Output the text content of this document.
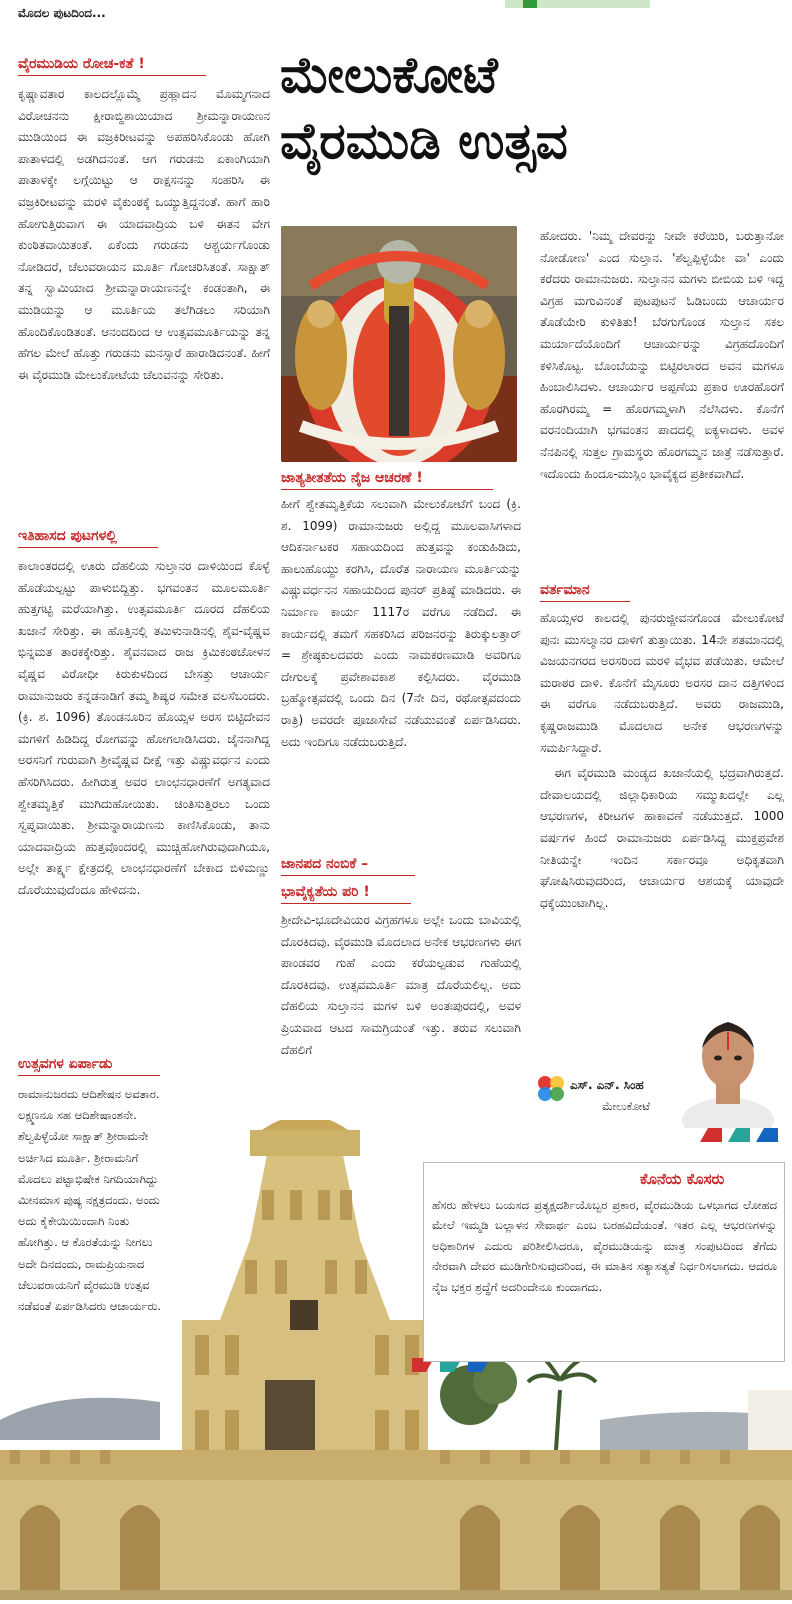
ಮೊದಲ ಪುಟದಿಂದ...
ಮೇಲುಕೋಟೆ
ವೈರಮುಡಿ ಉತ್ಸವ
ವೈರಮುಡಿಯ ರೋಚ-ಕತೆ !
ಕೃಷ್ಣಾವತಾರ ಕಾಲದಲ್ಲೊಮ್ಮೆ ಪ್ರಹ್ಲಾದನ ಮೊಮ್ಮಗನಾದ ವಿರೋಚನನು ಕ್ಷೀರಾಬ್ಧಿಶಾಯಿಯಾದ ಶ್ರೀಮನ್ನಾರಾಯಣನ ಮುಡಿಯಿಂದ ಈ ವಜ್ರಕಿರೀಟವನ್ನು ಅಪಹರಿಸಿಕೊಂಡು ಹೋಗಿ ಪಾತಾಳದಲ್ಲಿ ಅಡಗಿದನಂತೆ. ಆಗ ಗರುಡನು ಏಕಾಂಗಿಯಾಗಿ ಪಾತಾಳಕ್ಕೇ ಲಗ್ಗೆಯಿಟ್ಟು ಆ ರಾಕ್ಷಸನನ್ನು ಸಂಹರಿಸಿ ಈ ವಜ್ರಕಿರೀಟವನ್ನು ಮರಳಿ ವೈಕುಂಠಕ್ಕೆ ಒಯ್ಯುತ್ತಿದ್ದನಂತೆ. ಹಾಗೆ ಹಾರಿ ಹೋಗುತ್ತಿರುವಾಗ ಈ ಯಾದವಾದ್ರಿಯ ಬಳಿ ಈತನ ವೇಗ ಕುಂಠಿತವಾಯಿತಂತೆ. ಏಕೆಂದು ಗರುಡನು ಆಶ್ಚರ್ಯಗೊಂಡು ನೋಡಿದರೆ, ಚೆಲುವರಾಯನ ಮೂರ್ತಿ ಗೋಚರಿಸಿತಂತೆ. ಸಾಕ್ಷಾತ್ ತನ್ನ ಸ್ವಾಮಿಯಾದ ಶ್ರೀಮನ್ನಾರಾಯಣನನ್ನೇ ಕಂಡಂತಾಗಿ, ಈ ಮುಡಿಯನ್ನು ಆ ಮೂರ್ತಿಯ ತಲೆಗಿಡಲು ಸರಿಯಾಗಿ ಹೊಂದಿಕೊಂಡಿತಂತೆ. ಆನಂದದಿಂದ ಆ ಉತ್ಸವಮೂರ್ತಿಯನ್ನು ತನ್ನ ಹೆಗಲ ಮೇಲೆ ಹೊತ್ತು ಗರುಡನು ಮನಸ್ಸಾರೆ ಹಾರಾಡಿದನಂತೆ. ಹೀಗೆ ಈ ವೈರಮುಡಿ ಮೇಲುಕೋಟೆಯ ಚೆಲುವನನ್ನು ಸೇರಿತು.
ಇತಿಹಾಸದ ಪುಟಗಳಲ್ಲಿ
ಕಾಲಾಂತರದಲ್ಲಿ ಊರು ದೆಹಲಿಯ ಸುಲ್ತಾನರ ದಾಳಿಯಿಂದ ಕೊಳ್ಳೆ ಹೊಡೆಯಲ್ಪಟ್ಟು ಪಾಳುಬಿದ್ದಿತ್ತು. ಭಗವಂತನ ಮೂಲಮೂರ್ತಿ ಹುತ್ತಗಟ್ಟಿ ಮರೆಯಾಗಿತ್ತು. ಉತ್ಸವಮೂರ್ತಿ ದೂರದ ದೆಹಲಿಯ ಖಜಾನೆ ಸೇರಿತ್ತು. ಈ ಹೊತ್ತಿನಲ್ಲಿ ತಮಿಳುನಾಡಿನಲ್ಲಿ ಶೈವ-ವೈಷ್ಣವ ಭಿನ್ನಮತ ತಾರಕಕ್ಕೇರಿತ್ತು. ಶೈವನವಾದ ರಾಜ ಕ್ರಿಮಿಕಂಠಚೋಳನ ವೈಷ್ಣವ ವಿರೋಧೀ ಕಿರುಕುಳದಿಂದ ಬೇಸತ್ತು ಆಚಾರ್ಯ ರಾಮಾನುಜರು ಕನ್ನಡನಾಡಿಗೆ ತಮ್ಮ ಶಿಷ್ಯರ ಸಮೇತ ವಲಸೆಬಂದರು. (ಕ್ರಿ. ಶ. 1096) ತೊಂಡನೂರಿನ ಹೊಯ್ಸಳ ಅರಸ ಬಿಟ್ಟಿದೇವನ ಮಗಳಿಗೆ ಹಿಡಿದಿದ್ದ ರೋಗವನ್ನು ಹೋಗಲಾಡಿಸಿದರು. ಜೈನನಾಗಿದ್ದ ಅರಸನಿಗೆ ಗುರುವಾಗಿ ಶ್ರೀವೈಷ್ಣವ ದೀಕ್ಷೆ ಇತ್ತು ವಿಷ್ಣುವರ್ಧನ ಎಂದು ಹೆಸರಿಗಿಸಿದರು. ಹೀಗಿರುತ್ತ ಅವರ ಲಾಂಛನಧಾರಣೆಗೆ ಅಗತ್ಯವಾದ ಶ್ವೇತಮೃತ್ತಿಕೆ ಮುಗಿದುಹೋಯಿತು. ಚಿಂತಿಸುತ್ತಿರಲು ಒಂದು ಸ್ವಪ್ನವಾಯಿತು. ಶ್ರೀಮನ್ನಾರಾಯಣನು ಕಾಣಿಸಿಕೊಂಡು, ತಾನು ಯಾದವಾದ್ರಿಯ ಹುತ್ತವೊಂದರಲ್ಲಿ ಮುಚ್ಚಿಹೋಗಿರುವುದಾಗಿಯೂ, ಅಲ್ಲೇ ತಾರ್ಕ್ಷ್ಯ ಕ್ಷೇತ್ರದಲ್ಲಿ ಲಾಂಛನಧಾರಣೆಗೆ ಬೇಕಾದ ಬಿಳಿಮಣ್ಣು ದೊರೆಯುವುದೆಂದೂ ಹೇಳಿದನು.
ಉತ್ಸವಗಳ ಏರ್ಪಾಡು
ರಾಮಾನುಜರದು ಆದಿಶೇಷನ ಅವತಾರ. ಲಕ್ಷ್ಮಣನೂ ಸಹ ಆದಿಶೇಷಾಂಶನೇ. ಶೆಲ್ವಪಿಳ್ಳೆಯೋ ಸಾಕ್ಷಾತ್ ಶ್ರೀರಾಮನೇ ಅರ್ಚಿಸಿದ ಮೂರ್ತಿ. ಶ್ರೀರಾಮನಿಗೆ ಮೊದಲು ಪಟ್ಟಾಭಿಷೇಕ ನಿಗದಿಯಾಗಿದ್ದು ಮೀನಮಾಸ ಪುಷ್ಯ ನಕ್ಷತ್ರದಂದು. ಅಂದು ಅದು ಕೈಕೇಯಿಯಿಂದಾಗಿ ನಿಂತು ಹೋಗಿತ್ತು. ಆ ಕೊರತೆಯನ್ನು ನೀಗಲು ಅದೇ ದಿನದಂದು, ರಾಮಪ್ರಿಯನಾದ ಚೆಲುವರಾಯನಿಗೆ ವೈರಮುಡಿ ಉತ್ಸವ ನಡೆವಂತೆ ಏರ್ಪಡಿಸಿದರು ಆಚಾರ್ಯರು.
ಜಾತ್ಯತೀತತೆಯ ನೈಜ ಆಚರಣೆ !
ಹೀಗೆ ಶ್ವೇತಮೃತ್ತಿಕೆಯ ಸಲುವಾಗಿ ಮೇಲುಕೋಟೆಗೆ ಬಂದ (ಕ್ರಿ. ಶ. 1099) ರಾಮಾನುಜರು ಅಲ್ಲಿದ್ದ ಮೂಲವಾಸಿಗಳಾದ ಆದಿಕರ್ನಾಟಕರ ಸಹಾಯದಿಂದ ಹುತ್ತವನ್ನು ಕಂಡುಹಿಡಿದು, ಹಾಲುಹೊಯ್ದು ಕರಗಿಸಿ, ದೊರೆತ ನಾರಾಯಣ ಮೂರ್ತಿಯನ್ನು ವಿಷ್ಣುವರ್ಧನನ ಸಹಾಯದಿಂದ ಪುನರ್ ಪ್ರತಿಷ್ಠೆ ಮಾಡಿದರು. ಈ ನಿರ್ಮಾಣ ಕಾರ್ಯ 1117ರ ವರೆಗೂ ನಡೆದಿದೆ. ಈ ಕಾರ್ಯದಲ್ಲಿ ತಮಗೆ ಸಹಕರಿಸಿದ ಪರಿಜನರನ್ನು ತಿರುಕ್ಕುಲತ್ತಾರ್ = ಶ್ರೇಷ್ಠಕುಲದವರು ಎಂದು ನಾಮಕರಣಮಾಡಿ ಅವರಿಗೂ ದೇಗುಲಕ್ಕೆ ಪ್ರವೇಶಾವಕಾಶ ಕಲ್ಪಿಸಿದರು. ವೈರಮುಡಿ ಬ್ರಹ್ಮೋತ್ಸವದಲ್ಲಿ ಒಂದು ದಿನ (7ನೇ ದಿನ, ರಥೋತ್ಸವದಂದು ರಾತ್ರಿ) ಅವರದೇ ಪೂಜಾಸೇವೆ ನಡೆಯುವಂತೆ ಏರ್ಪಡಿಸಿದರು. ಅದು ಇಂದಿಗೂ ನಡೆದುಬರುತ್ತಿದೆ.
ಜಾನಪದ ನಂಬಿಕೆ –
ಭಾವೈಕ್ಯತೆಯ ಪರಿ !
ಶ್ರೀದೇವಿ-ಭೂದೇವಿಯರ ವಿಗ್ರಹಗಳೂ ಅಲ್ಲೇ ಒಂದು ಬಾವಿಯಲ್ಲಿ ದೊರಕಿದವು. ವೈರಮುಡಿ ಮೊದಲಾದ ಅನೇಕ ಆಭರಣಗಳು ಈಗ ಪಾಂಡವರ ಗುಹೆ ಎಂದು ಕರೆಯಲ್ಪಡುವ ಗುಹೆಯಲ್ಲಿ ದೊರಕಿದವು. ಉತ್ಸವಮೂರ್ತಿ ಮಾತ್ರ ದೊರೆಯಲಿಲ್ಲ. ಅದು ದೆಹಲಿಯ ಸುಲ್ತಾನನ ಮಗಳ ಬಳಿ ಅಂತಃಪುರದಲ್ಲಿ, ಅವಳ ಪ್ರಿಯವಾದ ಆಟದ ಸಾಮಗ್ರಿಯಂತೆ ಇತ್ತು. ತರುವ ಸಲುವಾಗಿ ದೆಹಲಿಗೆ
ಹೋದರು. 'ನಿಮ್ಮ ದೇವರನ್ನು ನೀವೇ ಕರೆಯಿರಿ, ಬರುತ್ತಾನೋ ನೋಡೋಣ' ಎಂದ ಸುಲ್ತಾನ. 'ಶೆಲ್ವಪ್ಪಿಳ್ಳೆಯೇ ವಾ' ಎಂದು ಕರೆದರು ರಾಮಾನುಜರು. ಸುಲ್ತಾನನ ಮಗಳು ಬೀಬಿಯ ಬಳಿ ಇದ್ದ ವಿಗ್ರಹ ಮಗುವಿನಂತೆ ಪುಟಪುಟನೆ ಓಡಿಬಂದು ಆಚಾರ್ಯರ ತೊಡೆಯೇರಿ ಕುಳಿತಿತು! ಬೆರಗುಗೊಂಡ ಸುಲ್ತಾನ ಸಕಲ ಮರ್ಯಾದೆಯೊಂದಿಗೆ ಆಚಾರ್ಯರನ್ನು ವಿಗ್ರಹದೊಂದಿಗೆ ಕಳಿಸಿಕೊಟ್ಟ. ಬೊಂಬೆಯನ್ನು ಬಿಟ್ಟಿರಲಾರದ ಅವನ ಮಗಳೂ ಹಿಂಬಾಲಿಸಿದಳು. ಆಚಾರ್ಯರ ಅಪ್ಪಣೆಯ ಪ್ರಕಾರ ಊರಹೊರಗೆ ಹೊರಗಿರಮ್ಮ = ಹೊರಗಮ್ಮಳಾಗಿ ನೆಲೆಸಿದಳು. ಕೊನೆಗೆ ವರನಂದಿಯಾಗಿ ಭಗವಂತನ ಪಾದದಲ್ಲಿ ಐಕ್ಯಳಾದಳು. ಅವಳ ನೆನಪಿನಲ್ಲಿ ಸುತ್ತಲ ಗ್ರಾಮಸ್ಥರು ಹೊರಗಮ್ಮನ ಜಾತ್ರೆ ನಡೆಸುತ್ತಾರೆ. ಇದೊಂದು ಹಿಂದೂ-ಮುಸ್ಲಿಂ ಭಾವೈಕ್ಯದ ಪ್ರತೀಕವಾಗಿದೆ.
ವರ್ತಮಾನ

ಹೊಯ್ಸಳರ ಕಾಲದಲ್ಲಿ ಪುನರುಜ್ಜೀವನಗೊಂಡ ಮೇಲುಕೋಟೆ ಪುನಃ ಮುಸಲ್ಮಾನರ ದಾಳಿಗೆ ತುತ್ತಾಯಿತು. 14ನೇ ಶತಮಾನದಲ್ಲಿ ವಿಜಯನಗರದ ಅರಸರಿಂದ ಮರಳಿ ವೈಭವ ಪಡೆಯಿತು. ಆಮೇಲೆ ಮರಾಠರ ದಾಳಿ. ಕೊನೆಗೆ ಮೈಸೂರು ಅರಸರ ದಾನ ದತ್ತಿಗಳಿಂದ ಈ ವರೆಗೂ ನಡೆದುಬರುತ್ತಿದೆ. ಅವರು ರಾಜಮುಡಿ, ಕೃಷ್ಣರಾಜಮುಡಿ ಮೊದಲಾದ ಅನೇಕ ಆಭರಣಗಳನ್ನು ಸಮರ್ಪಿಸಿದ್ದಾರೆ.

ಈಗ ವೈರಮುಡಿ ಮಂಡ್ಯದ ಖಜಾನೆಯಲ್ಲಿ ಭದ್ರವಾಗಿರುತ್ತದೆ. ದೇವಾಲಯದಲ್ಲಿ ಜಿಲ್ಲಾಧಿಕಾರಿಯ ಸಮ್ಮುಖದಲ್ಲೇ ಎಲ್ಲ ಆಭರಣಗಳ, ಕಿರೀಟಗಳ ಹಾಕಾವಣೆ ನಡೆಯುತ್ತದೆ. 1000 ವರ್ಷಗಳ ಹಿಂದೆ ರಾಮಾನುಜರು ಏರ್ಪಡಿಸಿದ್ದ ಮುಕ್ತಪ್ರವೇಶ ನೀತಿಯನ್ನೇ ಇಂದಿನ ಸರ್ಕಾರವೂ ಅಧಿಕೃತವಾಗಿ ಘೋಷಿಸಿರುವುದರಿಂದ, ಆಚಾರ್ಯರ ಆಶಯಕ್ಕೆ ಯಾವುದೇ ಧಕ್ಕೆಯುಂಟಾಗಿಲ್ಲ.

ಎಸ್. ಎನ್. ಸಿಂಹ
ಮೇಲುಕೋಟೆ
ಕೊನೆಯ ಕೊಸರು
ಹೆಸರು ಹೇಳಲು ಬಯಸದ ಪ್ರತ್ಯಕ್ಷದರ್ಶಿಯೊಬ್ಬರ ಪ್ರಕಾರ, ವೈರಮುಡಿಯ ಒಳಭಾಗದ ಲೋಹದ ಮೇಲೆ ಇಮ್ಮಡಿ ಬಲ್ಲಾಳನ ಸೇವಾರ್ಥ ಎಂಬ ಬರಹವಿದೆಯಂತೆ. ಇತರ ಎಲ್ಲ ಆಭರಣಗಳನ್ನು ಅಧಿಕಾರಿಗಳ ಎದುರು ಪರಿಶೀಲಿಸಿದರೂ, ವೈರಮುಡಿಯನ್ನು ಮಾತ್ರ ಸಂಪುಟದಿಂದ ತೆಗೆದು ನೇರವಾಗಿ ದೇವರ ಮುಡಿಗೇರಿಸುವುದರಿಂದ, ಈ ಮಾತಿನ ಸತ್ಯಾಸತ್ಯತೆ ನಿರ್ಧರಿಸಲಾಗದು. ಆದರೂ ನೈಜ ಭಕ್ತರ ಶ್ರದ್ಧೆಗೆ ಅದರಿಂದೇನೂ ಕುಂದಾಗದು.
